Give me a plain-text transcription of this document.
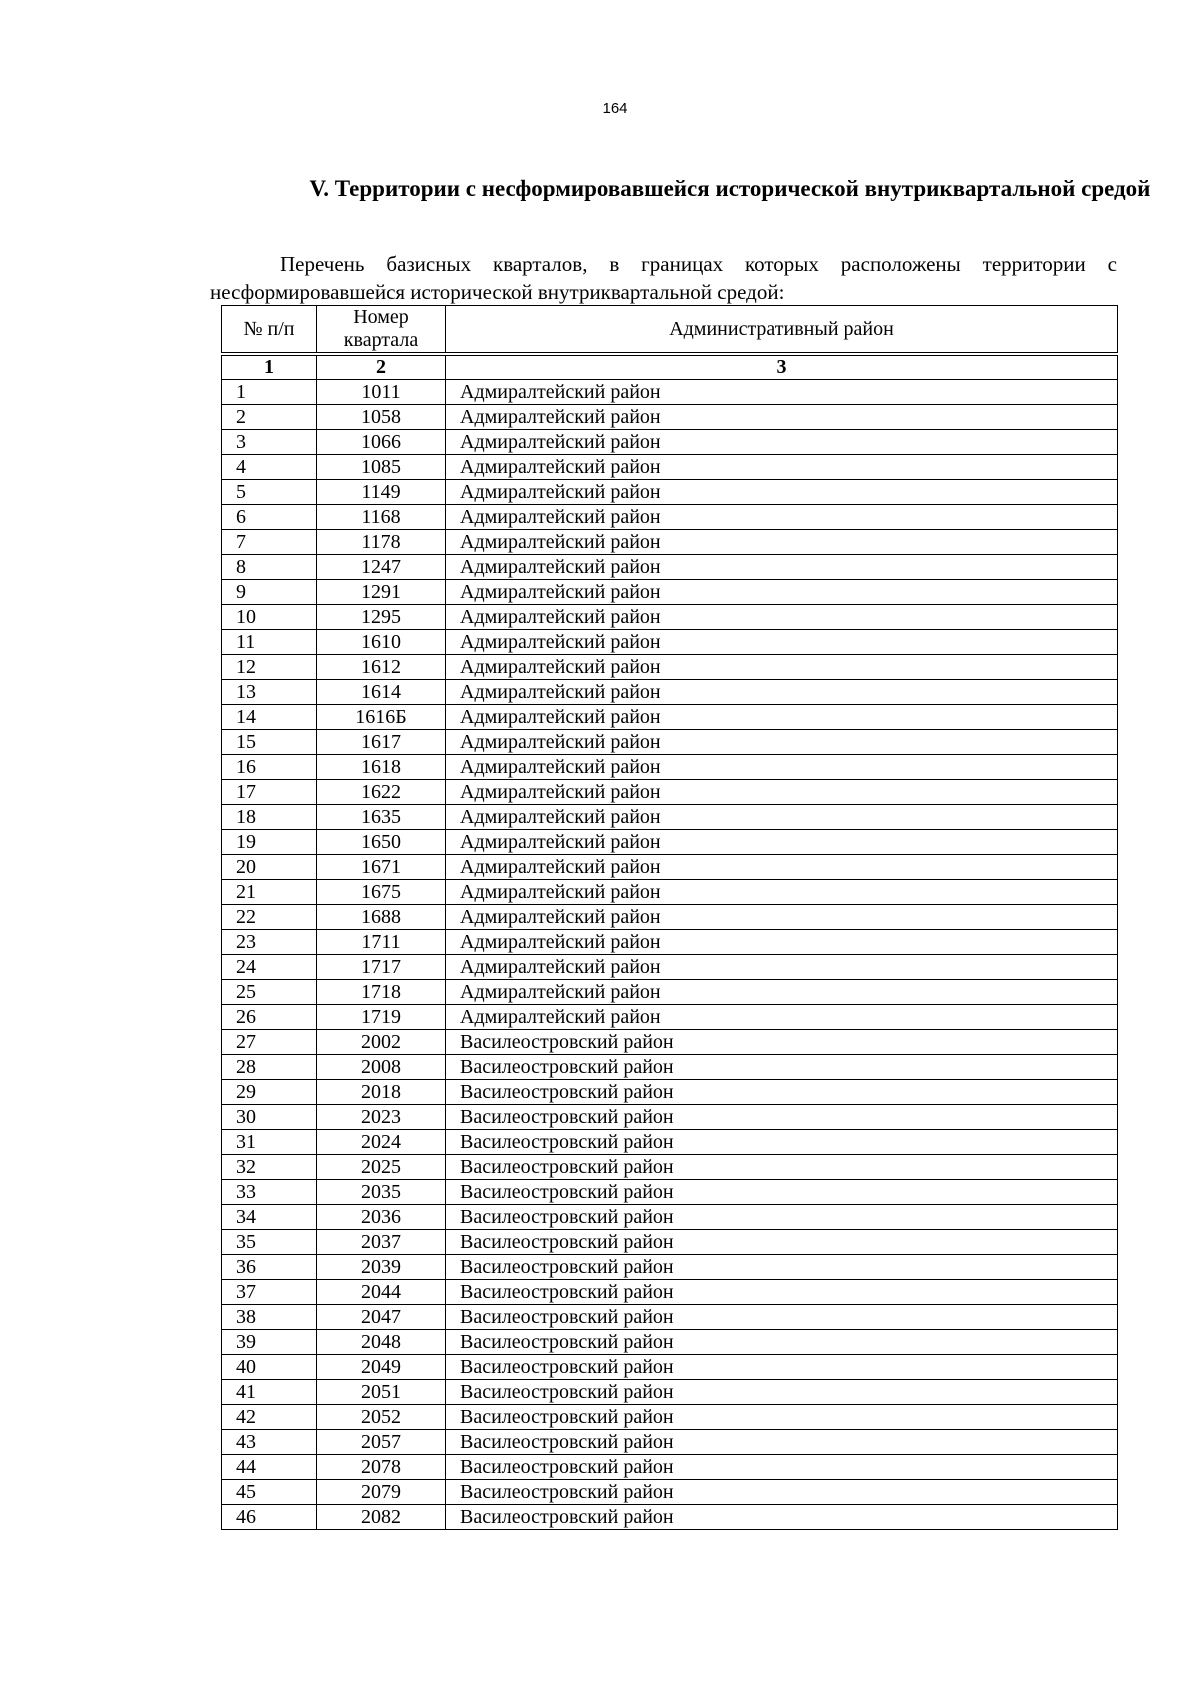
164
V. Территории с несформировавшейся исторической внутриквартальной средой
Перечень базисных кварталов, в границах которых расположены территории с несформировавшейся исторической внутриквартальной средой:
№ п/п	Номер квартала	Административный район
1	2	3
1	1011	Адмиралтейский район
2	1058	Адмиралтейский район
3	1066	Адмиралтейский район
4	1085	Адмиралтейский район
5	1149	Адмиралтейский район
6	1168	Адмиралтейский район
7	1178	Адмиралтейский район
8	1247	Адмиралтейский район
9	1291	Адмиралтейский район
10	1295	Адмиралтейский район
11	1610	Адмиралтейский район
12	1612	Адмиралтейский район
13	1614	Адмиралтейский район
14	1616Б	Адмиралтейский район
15	1617	Адмиралтейский район
16	1618	Адмиралтейский район
17	1622	Адмиралтейский район
18	1635	Адмиралтейский район
19	1650	Адмиралтейский район
20	1671	Адмиралтейский район
21	1675	Адмиралтейский район
22	1688	Адмиралтейский район
23	1711	Адмиралтейский район
24	1717	Адмиралтейский район
25	1718	Адмиралтейский район
26	1719	Адмиралтейский район
27	2002	Василеостровский район
28	2008	Василеостровский район
29	2018	Василеостровский район
30	2023	Василеостровский район
31	2024	Василеостровский район
32	2025	Василеостровский район
33	2035	Василеостровский район
34	2036	Василеостровский район
35	2037	Василеостровский район
36	2039	Василеостровский район
37	2044	Василеостровский район
38	2047	Василеостровский район
39	2048	Василеостровский район
40	2049	Василеостровский район
41	2051	Василеостровский район
42	2052	Василеостровский район
43	2057	Василеостровский район
44	2078	Василеостровский район
45	2079	Василеостровский район
46	2082	Василеостровский район
